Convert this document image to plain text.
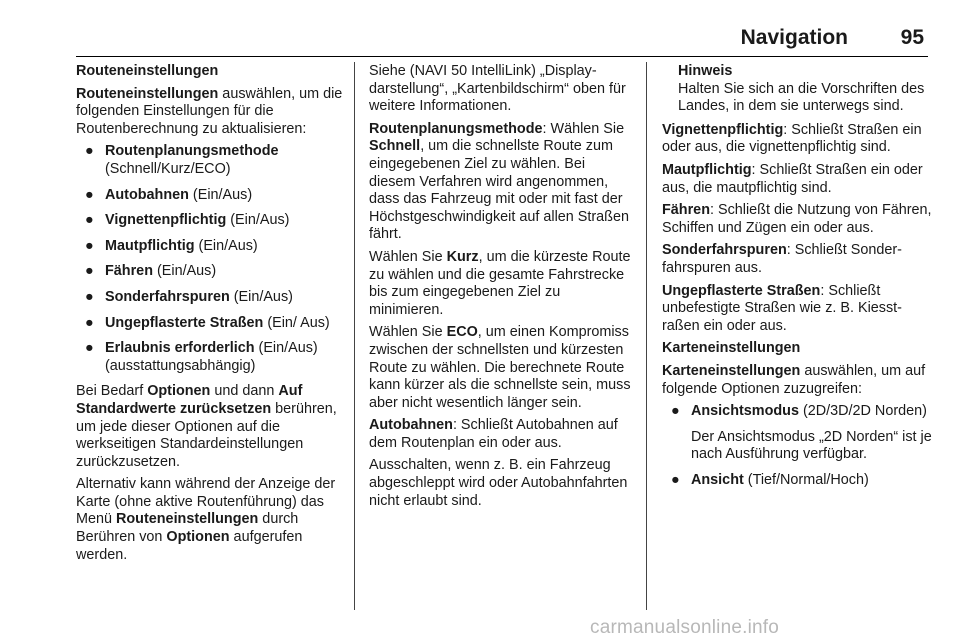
Navigation	95

Routeneinstellungen

Routeneinstellungen auswählen, um die folgenden Einstellungen für die Routenberechnung zu aktualisieren:

● Routenplanungsmethode
(Schnell/Kurz/ECO)
● Autobahnen (Ein/Aus)
● Vignettenpflichtig (Ein/Aus)
● Mautpflichtig (Ein/Aus)
● Fähren (Ein/Aus)
● Sonderfahrspuren (Ein/Aus)
● Ungepflasterte Straßen (Ein/ Aus)
● Erlaubnis erforderlich (Ein/Aus) (ausstattungsabhängig)

Bei Bedarf Optionen und dann Auf Standardwerte zurücksetzen berühren, um jede dieser Optionen auf die werkseitigen Standardeinstellungen zurückzusetzen.

Alternativ kann während der Anzeige der Karte (ohne aktive Routenführung) das Menü Routeneinstellungen durch Berühren von Optionen aufgerufen werden.

Siehe (NAVI 50 IntelliLink) „Displaydarstellung“, „Kartenbildschirm“ oben für weitere Informationen.

Routenplanungsmethode: Wählen Sie Schnell, um die schnellste Route zum eingegebenen Ziel zu wählen. Bei diesem Verfahren wird angenommen, dass das Fahrzeug mit oder mit fast der Höchstgeschwindigkeit auf allen Straßen fährt.

Wählen Sie Kurz, um die kürzeste Route zu wählen und die gesamte Fahrstrecke bis zum eingegebenen Ziel zu minimieren.

Wählen Sie ECO, um einen Kompromiss zwischen der schnellsten und kürzesten Route zu wählen. Die berechnete Route kann kürzer als die schnellste sein, muss aber nicht wesentlich länger sein.

Autobahnen: Schließt Autobahnen auf dem Routenplan ein oder aus.

Ausschalten, wenn z. B. ein Fahrzeug abgeschleppt wird oder Autobahnfahrten nicht erlaubt sind.

Hinweis
Halten Sie sich an die Vorschriften des Landes, in dem sie unterwegs sind.

Vignettenpflichtig: Schließt Straßen ein oder aus, die vignettenpflichtig sind.

Mautpflichtig: Schließt Straßen ein oder aus, die mautpflichtig sind.

Fähren: Schließt die Nutzung von Fähren, Schiffen und Zügen ein oder aus.

Sonderfahrspuren: Schließt Sonderfahrspuren aus.

Ungepflasterte Straßen: Schließt unbefestigte Straßen wie z. B. Kiesstraßen ein oder aus.

Karteneinstellungen

Karteneinstellungen auswählen, um auf folgende Optionen zuzugreifen:

● Ansichtsmodus (2D/3D/2D Norden)
Der Ansichtsmodus „2D Norden“ ist je nach Ausführung verfügbar.
● Ansicht (Tief/Normal/Hoch)
carmanualsonline.info
